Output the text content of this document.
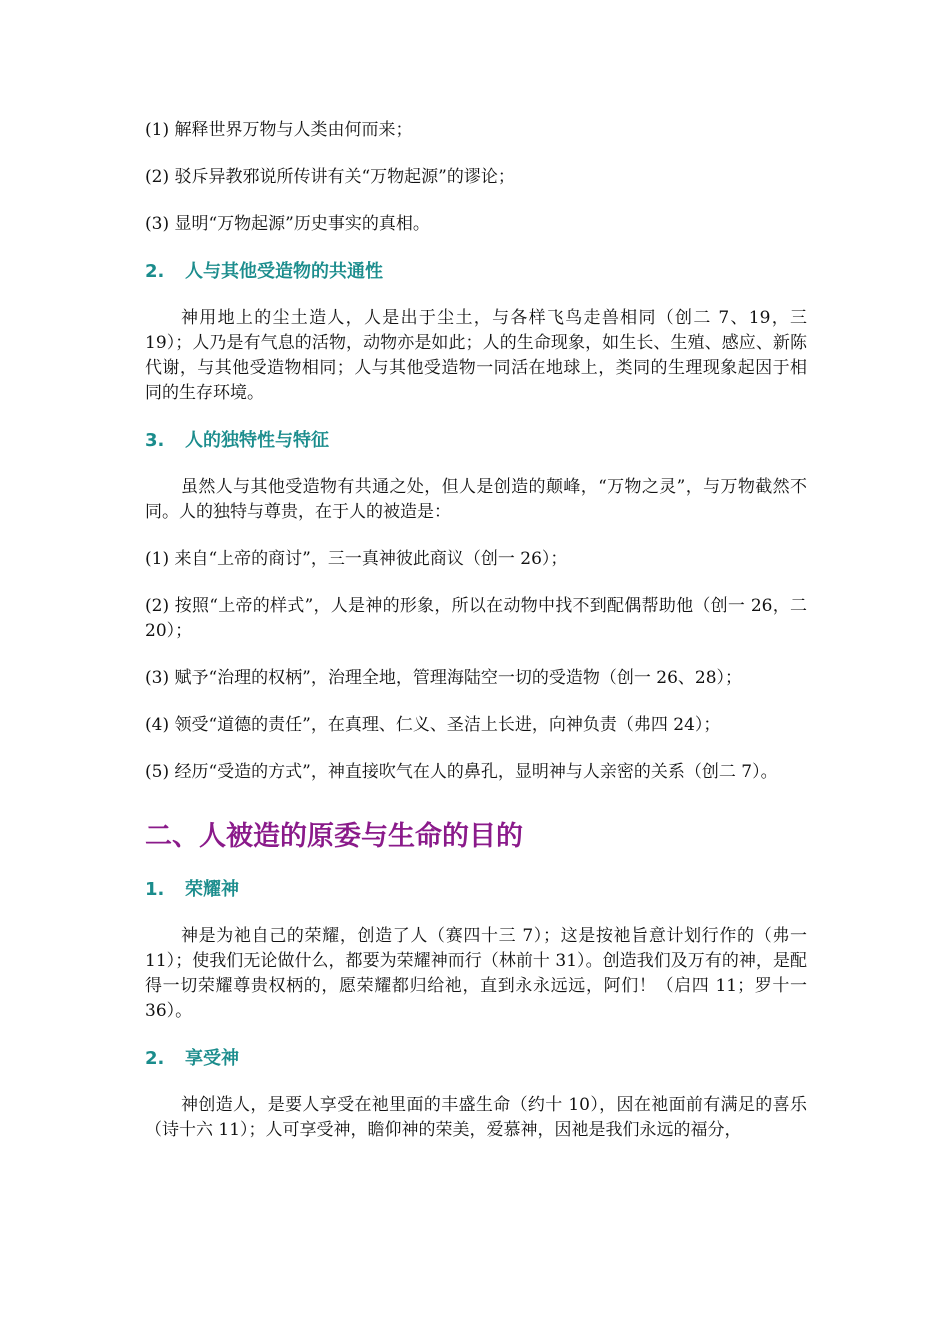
(1) 解释世界万物与人类由何而来；

(2) 驳斥异教邪说所传讲有关“万物起源”的谬论；

(3) 显明“万物起源”历史事实的真相。

2.	人与其他受造物的共通性

神用地上的尘土造人，人是出于尘土，与各样飞鸟走兽相同（创二 7、19，三 19）；人乃是有气息的活物，动物亦是如此；人的生命现象，如生长、生殖、感应、新陈代谢，与其他受造物相同；人与其他受造物一同活在地球上，类同的生理现象起因于相同的生存环境。

3.	人的独特性与特征

虽然人与其他受造物有共通之处，但人是创造的颠峰，“万物之灵”，与万物截然不同。人的独特与尊贵，在于人的被造是：

(1) 来自“上帝的商讨”，三一真神彼此商议（创一 26）；

(2) 按照“上帝的样式”，人是神的形象，所以在动物中找不到配偶帮助他（创一 26，二 20）；

(3) 赋予“治理的权柄”，治理全地，管理海陆空一切的受造物（创一 26、28）；

(4) 领受“道德的责任”，在真理、仁义、圣洁上长进，向神负责（弗四 24）；

(5) 经历“受造的方式”，神直接吹气在人的鼻孔，显明神与人亲密的关系（创二 7）。

二、人被造的原委与生命的目的
1.	荣耀神

神是为祂自己的荣耀，创造了人（赛四十三 7）；这是按祂旨意计划行作的（弗一 11）；使我们无论做什么，都要为荣耀神而行（林前十 31）。创造我们及万有的神，是配得一切荣耀尊贵权柄的，愿荣耀都归给祂，直到永永远远，阿们！（启四 11；罗十一 36）。

2.	享受神

神创造人，是要人享受在祂里面的丰盛生命（约十 10），因在祂面前有满足的喜乐（诗十六 11）；人可享受神，瞻仰神的荣美，爱慕神，因祂是我们永远的福分，
